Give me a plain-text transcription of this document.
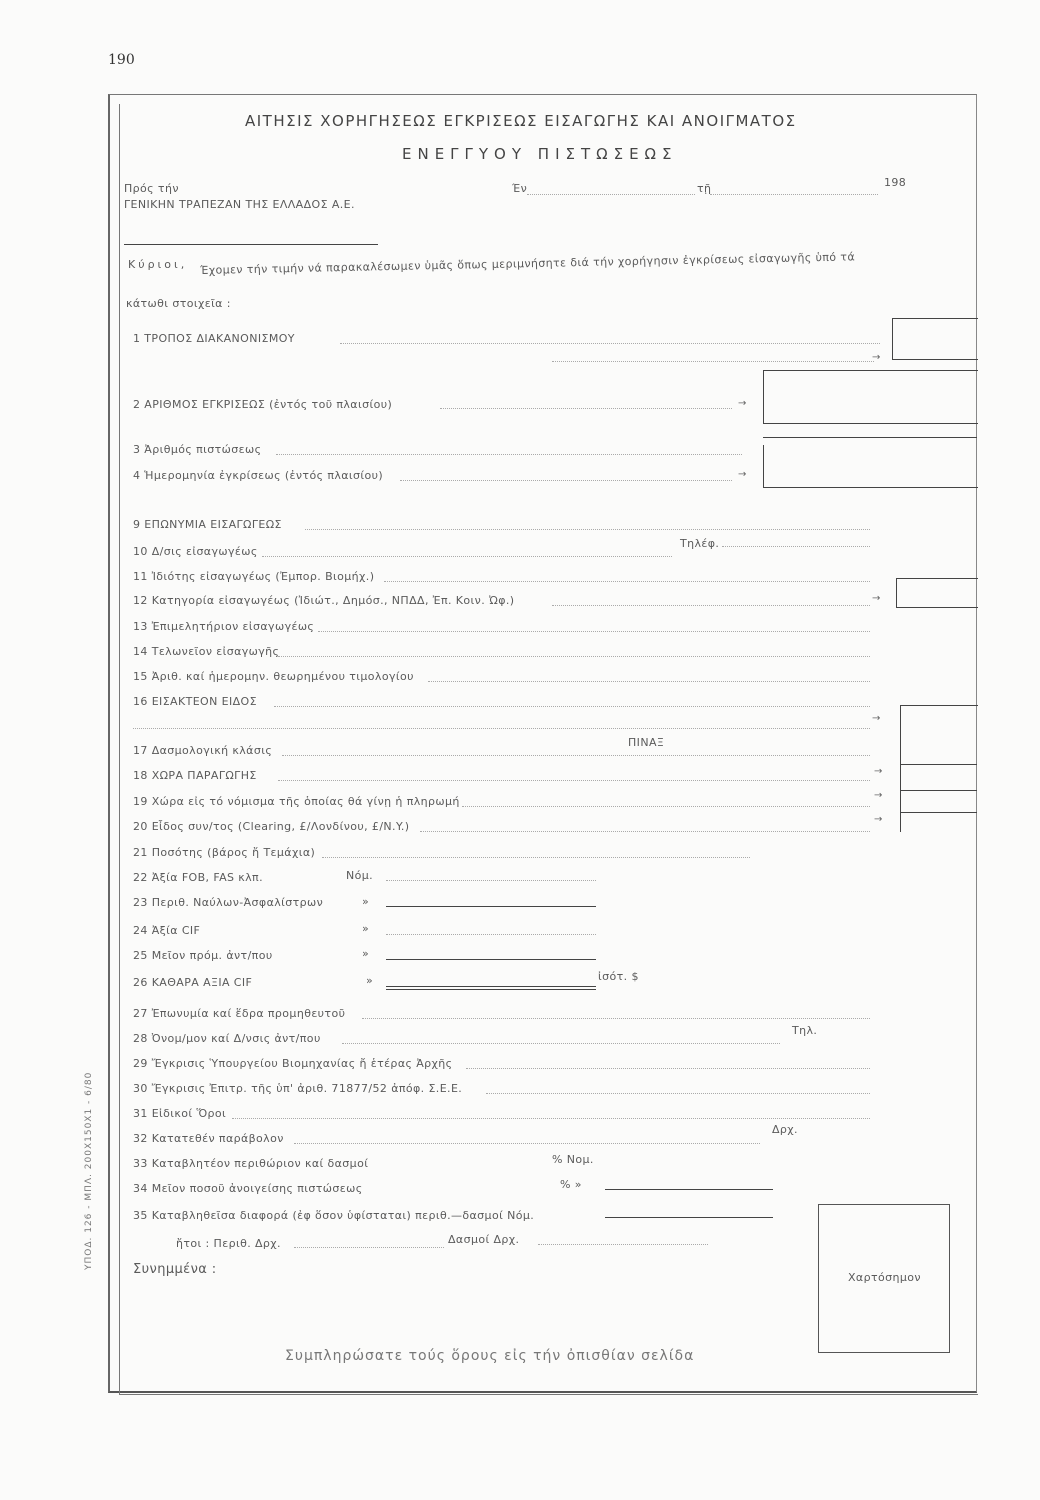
190
ΑΙΤΗΣΙΣ ΧΟΡΗΓΗΣΕΩΣ ΕΓΚΡΙΣΕΩΣ ΕΙΣΑΓΩΓΗΣ ΚΑΙ ΑΝΟΙΓΜΑΤΟΣ
ΕΝΕΓΓΥΟΥ ΠΙΣΤΩΣΕΩΣ
Πρός τήν
ΓΕΝΙΚΗΝ ΤΡΑΠΕΖΑΝ ΤΗΣ ΕΛΛΑΔΟΣ Α.Ε.
Έν	τῇ	198
Κύριοι, Έχομεν τήν τιμήν νά παρακαλέσωμεν ὑμᾶς ὅπως μεριμνήσητε διά τήν χορήγησιν ἐγκρίσεως εἰσαγωγῆς ὑπό τά
κάτωθι στοιχεῖα :
1 ΤΡΟΠΟΣ ΔΙΑΚΑΝΟΝΙΣΜΟΥ
→
2 ΑΡΙΘΜΟΣ ΕΓΚΡΙΣΕΩΣ (ἐντός τοῦ πλαισίου)	→
3 Ἀριθμός πιστώσεως
4 Ἡμερομηνία ἐγκρίσεως (ἐντός πλαισίου)	→
9 ΕΠΩΝΥΜΙΑ ΕΙΣΑΓΩΓΕΩΣ
10 Δ/σις εἰσαγωγέως
Τηλέφ.
11 Ἰδιότης εἰσαγωγέως (Ἐμπορ. Βιομήχ.)
12 Κατηγορία εἰσαγωγέως (Ἰδιώτ., Δημόσ., ΝΠΔΔ, Ἐπ. Κοιν. Ὠφ.)	→
13 Ἐπιμελητήριον εἰσαγωγέως
14 Τελωνεῖον εἰσαγωγῆς
15 Ἀριθ. καί ἡμερομην. θεωρημένου τιμολογίου
16 ΕΙΣΑΚΤΕΟΝ ΕΙΔΟΣ
→
ΠΙΝΑΞ
17 Δασμολογική κλάσις
18 ΧΩΡΑ ΠΑΡΑΓΩΓΗΣ	→
19 Χώρα εἰς τό νόμισμα τῆς ὁποίας θά γίνῃ ἡ πληρωμή	→
20 Εἶδος συν/τος (Clearing, £/Λονδίνου, £/N.Y.)
→
21 Ποσότης (βάρος ἤ Τεμάχια)
22 Ἀξία FOB, FAS κλπ.	Νόμ.
23 Περιθ. Ναύλων-Ἀσφαλίστρων	»
24 Ἀξία CIF	»
25 Μεῖον πρόμ. ἀντ/που	»
26 ΚΑΘΑΡΑ ΑΞΙΑ CIF	»	ἰσότ. $
27 Ἐπωνυμία καί ἕδρα προμηθευτοῦ
28 Ὀνομ/μον καί Δ/νσις ἀντ/που
Τηλ.
29 Ἔγκρισις Ὑπουργείου Βιομηχανίας ἤ ἑτέρας Ἀρχῆς
30 Ἔγκρισις Ἐπιτρ. τῆς ὑπ' ἀριθ. 71877/52 ἀπόφ. Σ.Ε.Ε.
31 Εἰδικοί Ὅροι
32 Κατατεθέν παράβολον
Δρχ.
33 Καταβλητέον περιθώριον καί δασμοί	% Νομ.
34 Μεῖον ποσοῦ ἀνοιγείσης πιστώσεως	% »
35 Καταβληθεῖσα διαφορά (ἐφ ὅσον ὑφίσταται) περιθ.—δασμοί Νόμ.
ἤτοι : Περιθ. Δρχ.	Δασμοί Δρχ.
Συνημμένα :
Χαρτόσημον
Συμπληρώσατε τούς ὅρους εἰς τήν ὀπισθίαν σελίδα
ΥΠΟΔ. 126 - ΜΠΛ. 200Χ150Χ1 - 6/80
